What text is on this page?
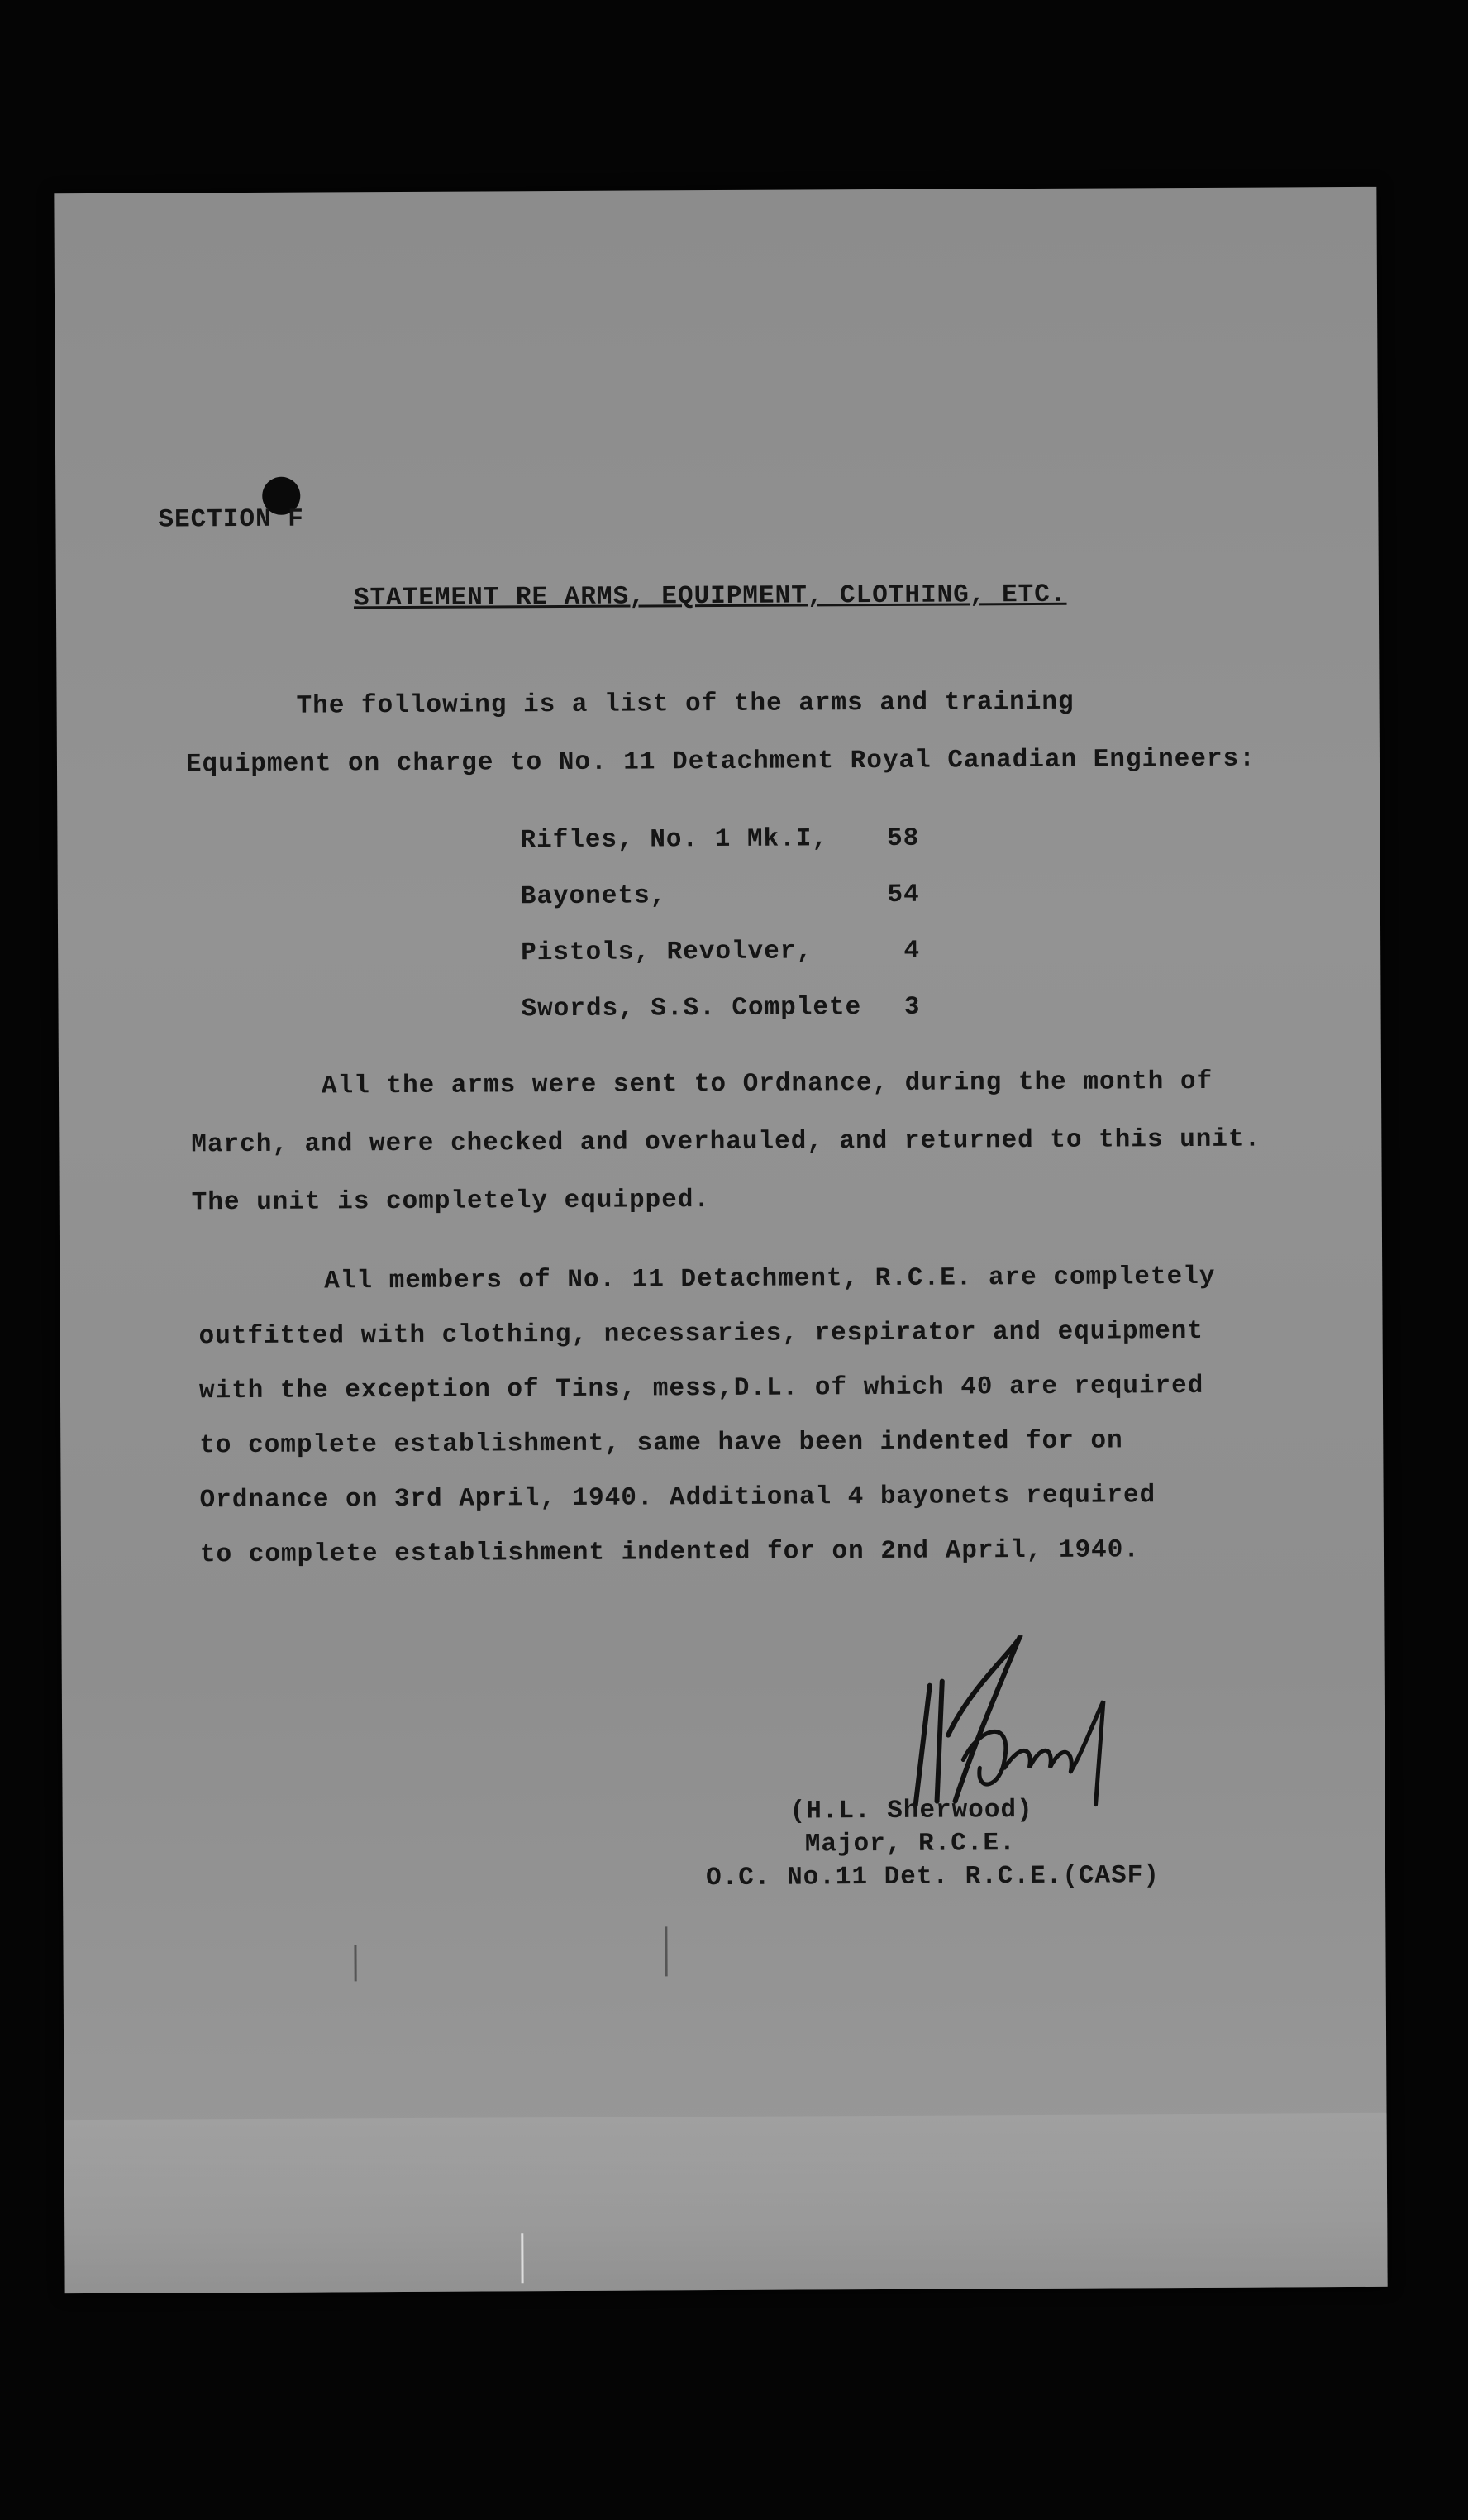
SECTION F
STATEMENT RE ARMS, EQUIPMENT, CLOTHING, ETC.
The following is a list of the arms and training
Equipment on charge to No. 11 Detachment Royal Canadian Engineers:
Rifles, No. 1 Mk.I,	58
Bayonets,	54
Pistols, Revolver,	4
Swords, S.S. Complete	3
All the arms were sent to Ordnance, during the month of
March, and were checked and overhauled, and returned to this unit.
The unit is completely equipped.
All members of No. 11 Detachment, R.C.E. are completely
outfitted with clothing, necessaries, respirator and equipment
with the exception of Tins, mess,D.L. of which 40 are required
to complete establishment, same have been indented for on
Ordnance on 3rd April, 1940. Additional 4 bayonets required
to complete establishment indented for on 2nd April, 1940.
(H.L. Sherwood)
Major, R.C.E.
O.C. No.11 Det. R.C.E.(CASF)
